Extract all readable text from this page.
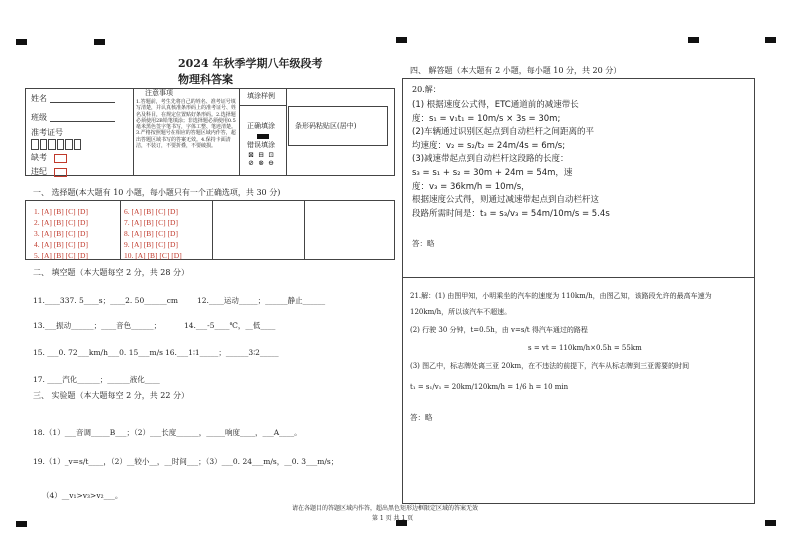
2024 年秋季学期八年级段考
物理科答案
姓名
班级
准考证号
缺考
违纪
注意事项
1.答题前，考生先将自己的姓名、准考证号填写清楚，并认真核准条形码上的准考证号、姓名及科目，在规定位置贴好条形码。2.选择题必须使用2B铅笔填涂；非选择题必须使用0.5毫米黑色签字笔书写，字体工整、笔迹清楚。3.严格按照题号在相应的答题区域内作答，超出答题区域书写的答案无效。4.保持卡面清洁，不装订，不要折叠，不要破损。
填涂样例
正确填涂
错误填涂
⊠ ⊟ ⊡
⊘ ⊗ ⊖
条形码粘贴区(居中)
一、 选择题(本大题有 10 小题，每小题只有一个正确选项，共 30 分)
1. [A] [B] [C] [D]
2. [A] [B] [C] [D]
3. [A] [B] [C] [D]
4. [A] [B] [C] [D]
5. [A] [B] [C] [D]
6. [A] [B] [C] [D]
7. [A] [B] [C] [D]
8. [A] [B] [C] [D]
9. [A] [B] [C] [D]
10. [A] [B] [C] [D]
二、 填空题（本大题每空 2 分，共 28 分）
11.____337. 5____s；____2. 50______cm	12.____运动_____；______静止______
13.___振动______；____音色______；	14.___-5____℃，__低____
15. ___0. 72___km/h___0. 15___m/s 16.___1∶1_____；______3∶2_____
17. ____汽化______；______液化____
三、 实验题（本大题每空 2 分，共 22 分）
18.（1）___音调_____B___；（2）___长度______，_____响度____，___A____。
19.（1）_v=s/t____，（2）__较小__，__时间___；（3）___0. 24___m/s，__0. 3___m/s；
（4）__v₁>v₃>v₂___。
四、 解答题（本大题有 2 小题，每小题 10 分，共 20 分）
20.解：
(1) 根据速度公式得，ETC通道前的减速带长
度：s₁ = v₁t₁ = 10m/s × 3s = 30m;
(2)车辆通过识别区起点到自动栏杆之间距离的平
均速度：v₂ = s₂/t₂ = 24m/4s = 6m/s;
(3)减速带起点到自动栏杆这段路的长度：
s₃ = s₁ + s₂ = 30m + 24m = 54m，速
度：v₃ = 36km/h = 10m/s，
根据速度公式得，则通过减速带起点到自动栏杆这
段路所需时间是：t₃ = s₃/v₃ = 54m/10m/s = 5.4s
答：略
21.解：(1) 由图甲知，小明乘坐的汽车的速度为 110km/h，由图乙知，该路段允许的最高车速为
120km/h，所以该汽车不超速。
(2) 行驶 30 分钟，t=0.5h，由 v=s/t 得汽车通过的路程
s = vt = 110km/h×0.5h = 55km
(3) 图乙中，标志牌处离三亚 20km，在不违法的前提下，汽车从标志牌到三亚需要的时间
t₁ = s₁/v₁ = 20km/120km/h = 1/6 h = 10 min
答：略
请在各题目的答题区域内作答，超出黑色矩形边框限定区域的答案无效
第 1 页 共 1 页
